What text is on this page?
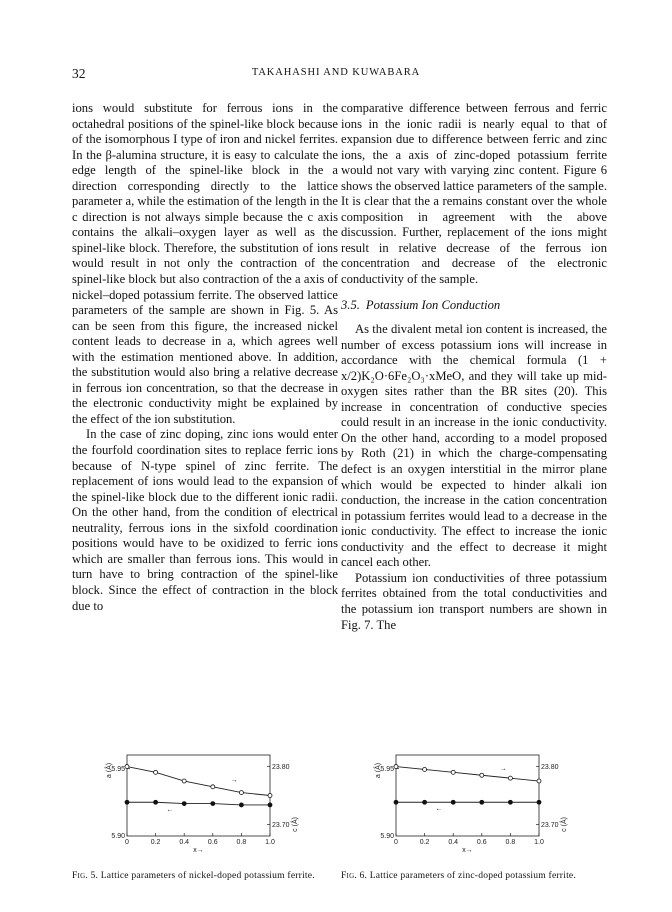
32	TAKAHASHI AND KUWABARA

ions would substitute for ferrous ions in the octahedral positions of the spinel-like block because of the isomorphous I type of iron and nickel ferrites. In the β-alumina structure, it is easy to calculate the edge length of the spinel-like block in the a direction corresponding directly to the lattice parameter a, while the estimation of the length in the c direction is not always simple because the c axis contains the alkali–oxygen layer as well as the spinel-like block. Therefore, the substitution of ions would result in not only the contraction of the spinel-like block but also contraction of the a axis of nickel–doped potassium ferrite. The observed lattice parameters of the sample are shown in Fig. 5. As can be seen from this figure, the increased nickel content leads to decrease in a, which agrees well with the estimation mentioned above. In addition, the substitution would also bring a relative decrease in ferrous ion concentration, so that the decrease in the electronic conductivity might be explained by the effect of the ion substitution.

In the case of zinc doping, zinc ions would enter the fourfold coordination sites to replace ferric ions because of N-type spinel of zinc ferrite. The replacement of ions would lead to the expansion of the spinel-like block due to the different ionic radii. On the other hand, from the condition of electrical neutrality, ferrous ions in the sixfold coordination positions would have to be oxidized to ferric ions which are smaller than ferrous ions. This would in turn have to bring contraction of the spinel-like block. Since the effect of contraction in the block due to

comparative difference between ferrous and ferric ions in the ionic radii is nearly equal to that of expansion due to difference between ferric and zinc ions, the a axis of zinc-doped potassium ferrite would not vary with varying zinc content. Figure 6 shows the observed lattice parameters of the sample. It is clear that the a remains constant over the whole composition in agreement with the above discussion. Further, replacement of the ions might result in relative decrease of the ferrous ion concentration and decrease of the electronic conductivity of the sample.

3.5. Potassium Ion Conduction

As the divalent metal ion content is increased, the number of excess potassium ions will increase in accordance with the chemical formula (1 + x/2)K₂O·6Fe₂O₃·xMeO, and they will take up mid-oxygen sites rather than the BR sites (20). This increase in concentration of conductive species could result in an increase in the ionic conductivity. On the other hand, according to a model proposed by Roth (21) in which the charge-compensating defect is an oxygen interstitial in the mirror plane which would be expected to hinder alkali ion conduction, the increase in the cation concentration in potassium ferrites would lead to a decrease in the ionic conductivity. The effect to increase the ionic conductivity and the effect to decrease it might cancel each other.

Potassium ion conductivities of three potassium ferrites obtained from the total conductivities and the potassium ion transport numbers are shown in Fig. 7. The

0	0.2	0.4	0.6	0.8	1.0
x→
5.95
5.90
a (Å)	23.80
23.70 c (Å)
→
←
Fig. 5. Lattice parameters of nickel-doped potassium ferrite.
0	0.2	0.4	0.6	0.8	1.0
x→
5.95
5.90
a (Å)	23.80
23.70 c (Å)
→
←
Fig. 6. Lattice parameters of zinc-doped potassium ferrite.
